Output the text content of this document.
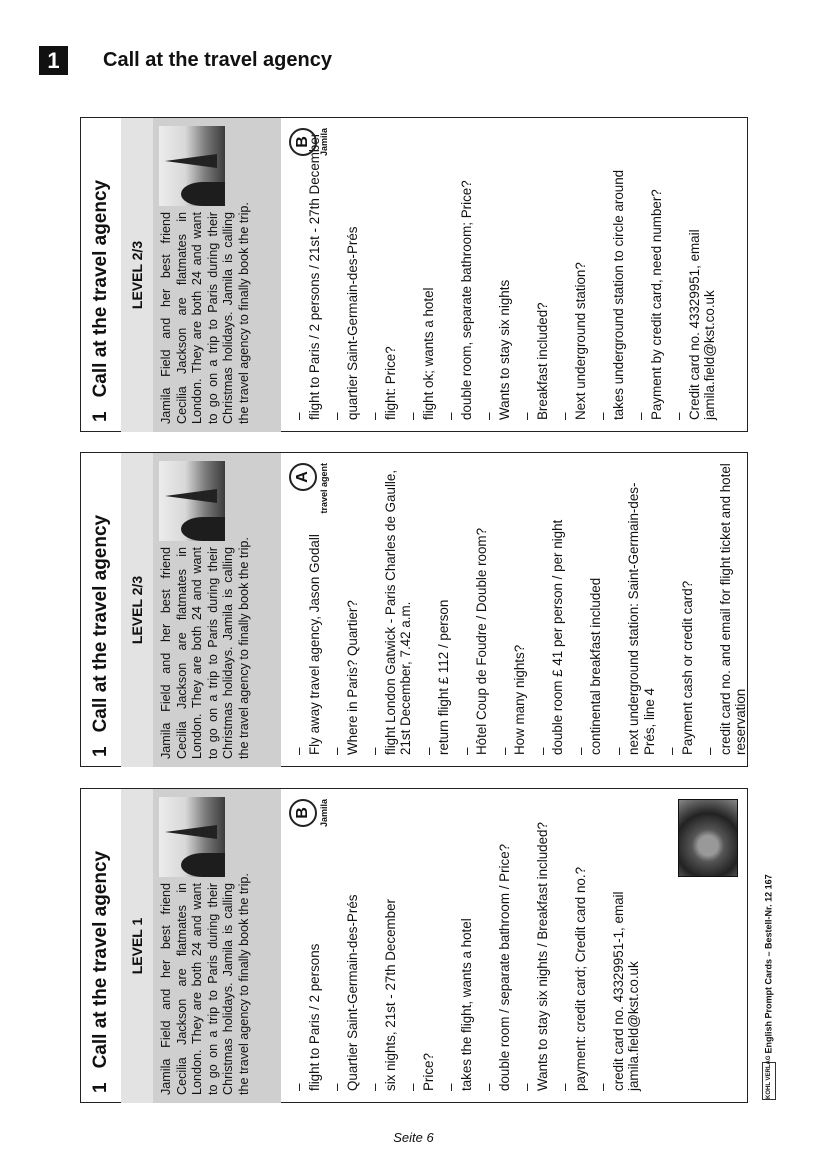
1	Call at the travel agency
1Call at the travel agency	LEVEL 2/3	Jamila Field and her best friend Cecilia Jackson are flatmates in London. They are both 24 and want to go on a trip to Paris during their Christmas holidays. Jamila is calling the travel agency to finally book the trip.	– flight to Paris / 2 persons / 21st - 27th December – quartier Saint-Germain-des-Prés – flight: Price? – flight ok; wants a hotel – double room, separate bathroom; Price? – Wants to stay six nights – Breakfast included? – Next underground station? – takes underground station to circle around – Payment by credit card, need number? – Credit card no. 43329951, email jamila.field@kst.co.uk
B Jamila
1Call at the travel agency	LEVEL 2/3	Jamila Field and her best friend Cecilia Jackson are flatmates in London. They are both 24 and want to go on a trip to Paris during their Christmas holidays. Jamila is calling the travel agency to finally book the trip.	– Fly away travel agency, Jason Godall – Where in Paris? Quartier? – flight London Gatwick - Paris Charles de Gaulle, 21st December, 7.42 a.m. – return flight £ 112 / person – Hôtel Coup de Foudre / Double room? – How many nights? – double room £ 41 per person / per night – continental breakfast included – next underground station: Saint-Germain-des-Prés, line 4 – Payment cash or credit card? – credit card no. and email for flight ticket and hotel reservation
A travel agent
1Call at the travel agency	LEVEL 1	Jamila Field and her best friend Cecilia Jackson are flatmates in London. They are both 24 and want to go on a trip to Paris during their Christmas holidays. Jamila is calling the travel agency to finally book the trip.	– flight to Paris / 2 persons – Quartier Saint-Germain-des-Prés – six nights, 21st - 27th December – Price? – takes the flight, wants a hotel – double room / separate bathroom / Price? – Wants to stay six nights / Breakfast included? – payment: credit card; Credit card no.? – credit card no. 43329951-1, email jamila.field@kst.co.uk
B Jamila
KOHL VERLAG English Prompt Cards – Bestell-Nr. 12 167
Seite 6
